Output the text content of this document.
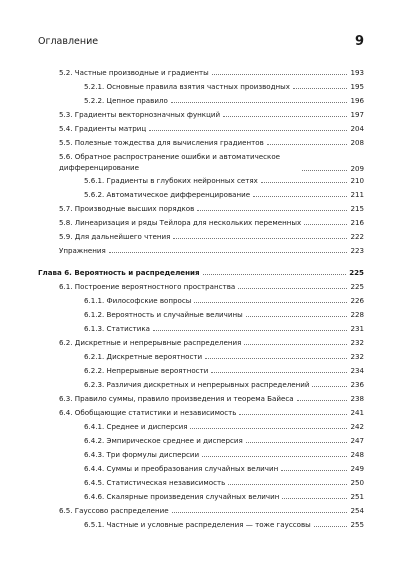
Оглавление	9
5.2. Частные производные и градиенты	193
5.2.1. Основные правила взятия частных производных	195
5.2.2. Цепное правило	196
5.3. Градиенты векторнозначных функций	197
5.4. Градиенты матриц	204
5.5. Полезные тождества для вычисления градиентов	208
5.6. Обратное распространение ошибки и автоматическое дифференцирование	209
5.6.1. Градиенты в глубоких нейронных сетях	210
5.6.2. Автоматическое дифференцирование	211
5.7. Производные высших порядков	215
5.8. Линеаризация и ряды Тейлора для нескольких переменных	216
5.9. Для дальнейшего чтения	222
Упражнения	223
Глава 6. Вероятность и распределения	225
6.1. Построение вероятностного пространства	225
6.1.1. Философские вопросы	226
6.1.2. Вероятность и случайные величины	228
6.1.3. Статистика	231
6.2. Дискретные и непрерывные распределения	232
6.2.1. Дискретные вероятности	232
6.2.2. Непрерывные вероятности	234
6.2.3. Различия дискретных и непрерывных распределений	236
6.3. Правило суммы, правило произведения и теорема Байеса	238
6.4. Обобщающие статистики и независимость	241
6.4.1. Среднее и дисперсия	242
6.4.2. Эмпирическое среднее и дисперсия	247
6.4.3. Три формулы дисперсии	248
6.4.4. Суммы и преобразования случайных величин	249
6.4.5. Статистическая независимость	250
6.4.6. Скалярные произведения случайных величин	251
6.5. Гауссово распределение	254
6.5.1. Частные и условные распределения — тоже гауссовы	255
